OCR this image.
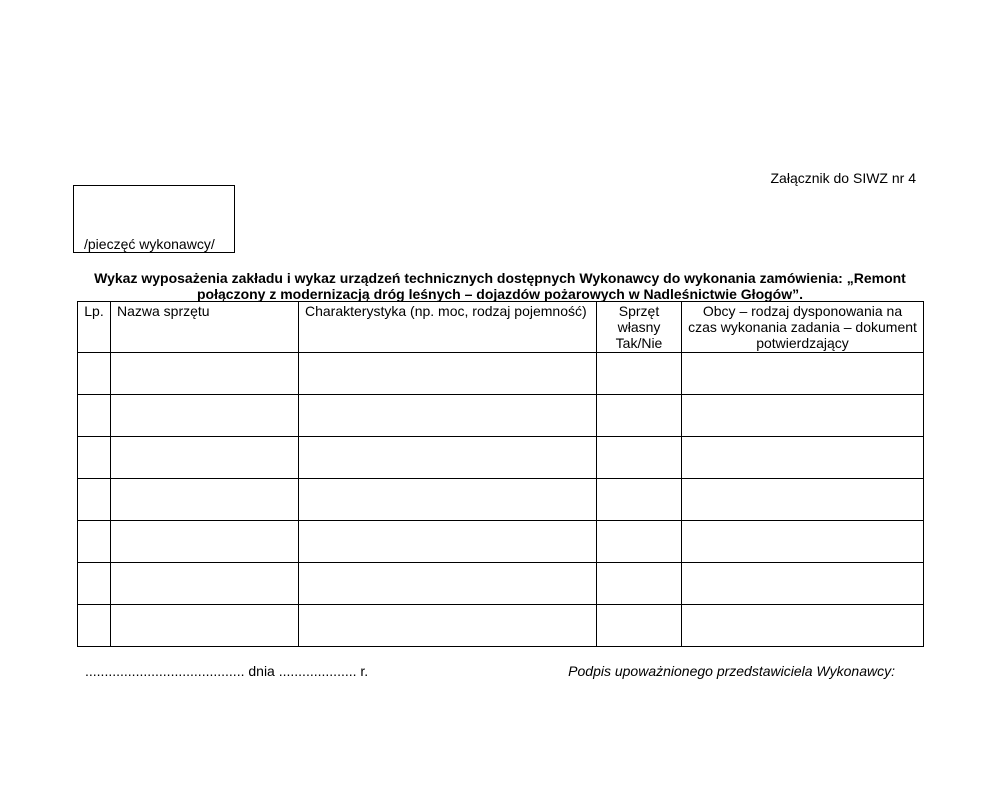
Załącznik do SIWZ nr 4
/pieczęć wykonawcy/
Wykaz wyposażenia zakładu i wykaz urządzeń technicznych dostępnych Wykonawcy do wykonania zamówienia: „Remont
połączony z modernizacją dróg leśnych – dojazdów pożarowych w Nadleśnictwie Głogów”.
Lp.	Nazwa sprzętu	Charakterystyka (np. moc, rodzaj pojemność)	Sprzęt własny Tak/Nie	Obcy – rodzaj dysponowania na czas wykonania zadania – dokument potwierdzający

......................................... dnia .................... r.	Podpis upoważnionego przedstawiciela Wykonawcy:
